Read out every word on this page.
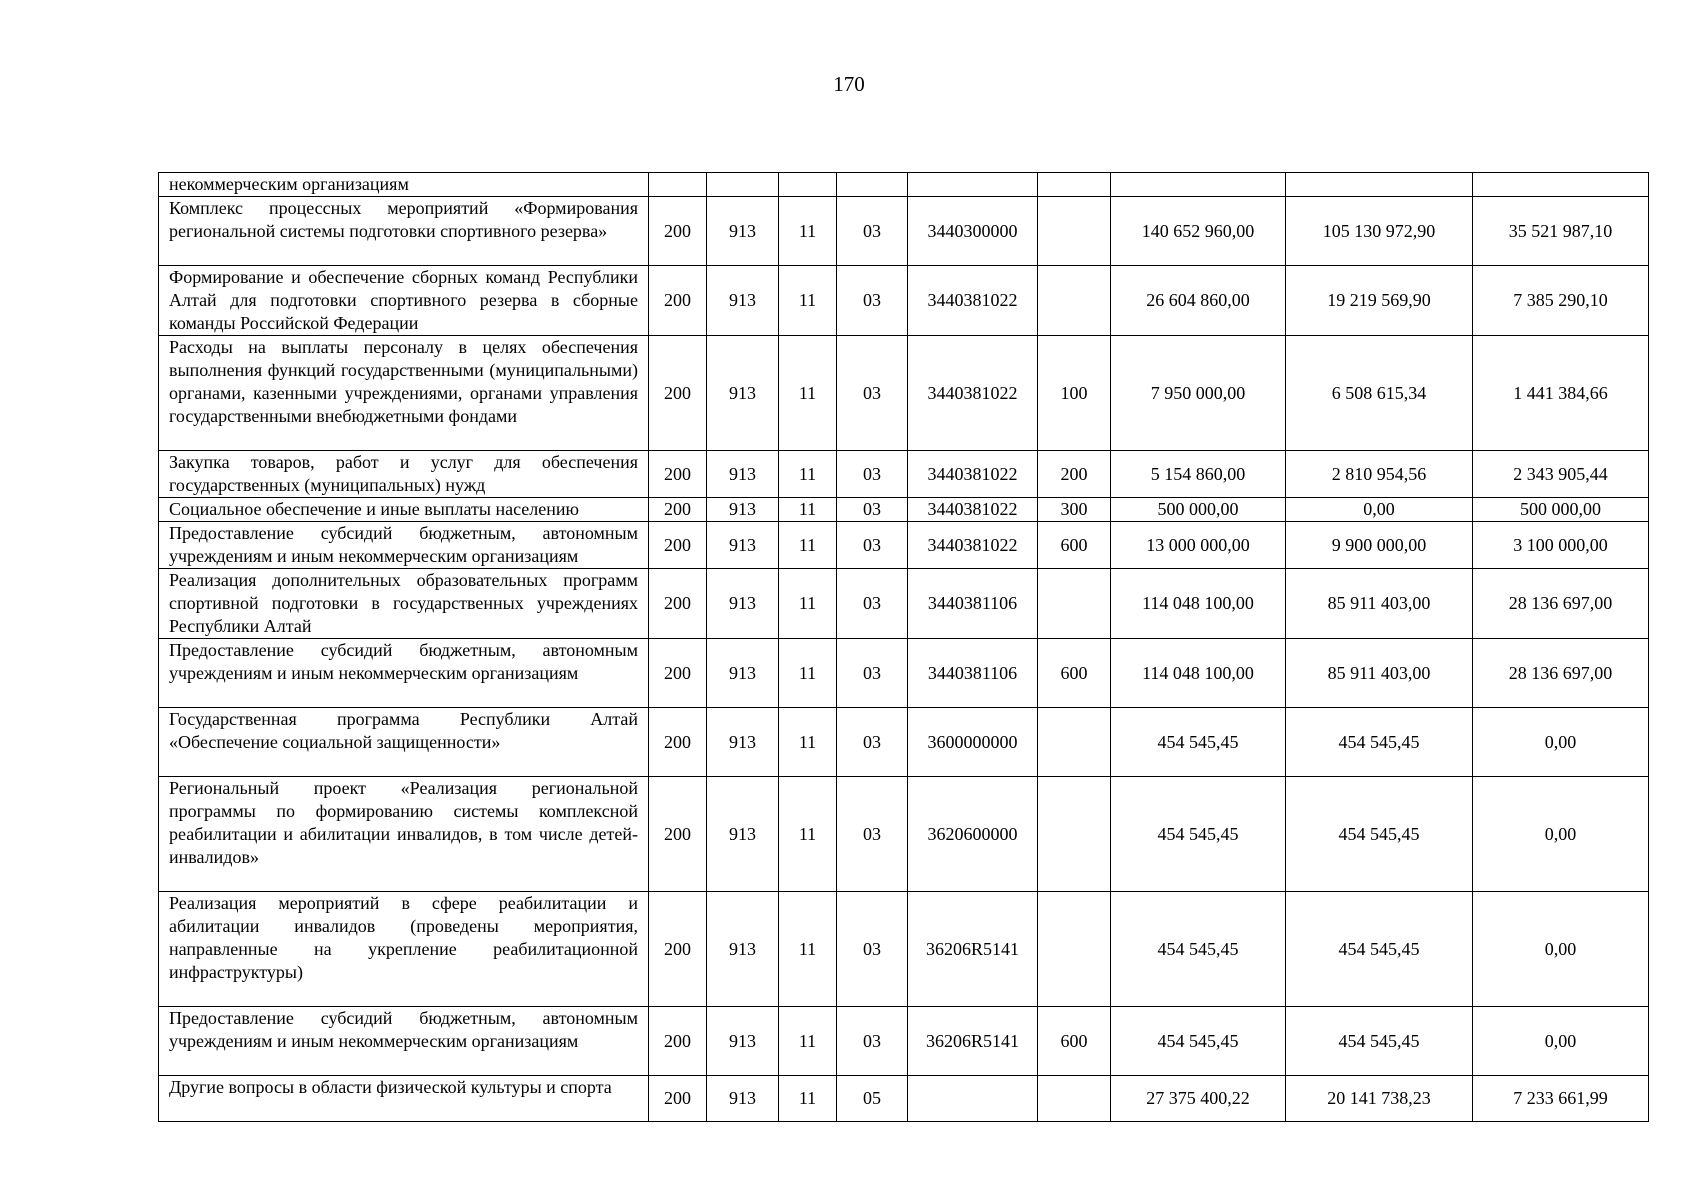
170
некоммерческим организациям									
Комплекс процессных мероприятий «Формирования региональной системы подготовки спортивного резерва»	200	913	11	03	3440300000		140 652 960,00	105 130 972,90	35 521 987,10
Формирование и обеспечение сборных команд Республики Алтай для подготовки спортивного резерва в сборные команды Российской Федерации	200	913	11	03	3440381022		26 604 860,00	19 219 569,90	7 385 290,10
Расходы на выплаты персоналу в целях обеспечения выполнения функций государственными (муниципальными) органами, казенными учреждениями, органами управления государственными внебюджетными фондами	200	913	11	03	3440381022	100	7 950 000,00	6 508 615,34	1 441 384,66
Закупка товаров, работ и услуг для обеспечения государственных (муниципальных) нужд	200	913	11	03	3440381022	200	5 154 860,00	2 810 954,56	2 343 905,44
Социальное обеспечение и иные выплаты населению	200	913	11	03	3440381022	300	500 000,00	0,00	500 000,00
Предоставление субсидий бюджетным, автономным учреждениям и иным некоммерческим организациям	200	913	11	03	3440381022	600	13 000 000,00	9 900 000,00	3 100 000,00
Реализация дополнительных образовательных программ спортивной подготовки в государственных учреждениях Республики Алтай	200	913	11	03	3440381106		114 048 100,00	85 911 403,00	28 136 697,00
Предоставление субсидий бюджетным, автономным учреждениям и иным некоммерческим организациям	200	913	11	03	3440381106	600	114 048 100,00	85 911 403,00	28 136 697,00
Государственная программа Республики Алтай «Обеспечение социальной защищенности»	200	913	11	03	3600000000		454 545,45	454 545,45	0,00
Региональный проект «Реализация региональной программы по формированию системы комплексной реабилитации и абилитации инвалидов, в том числе детей-инвалидов»	200	913	11	03	3620600000		454 545,45	454 545,45	0,00
Реализация мероприятий в сфере реабилитации и абилитации инвалидов (проведены мероприятия, направленные на укрепление реабилитационной инфраструктуры)	200	913	11	03	36206R5141		454 545,45	454 545,45	0,00
Предоставление субсидий бюджетным, автономным учреждениям и иным некоммерческим организациям	200	913	11	03	36206R5141	600	454 545,45	454 545,45	0,00
Другие вопросы в области физической культуры и спорта	200	913	11	05			27 375 400,22	20 141 738,23	7 233 661,99
